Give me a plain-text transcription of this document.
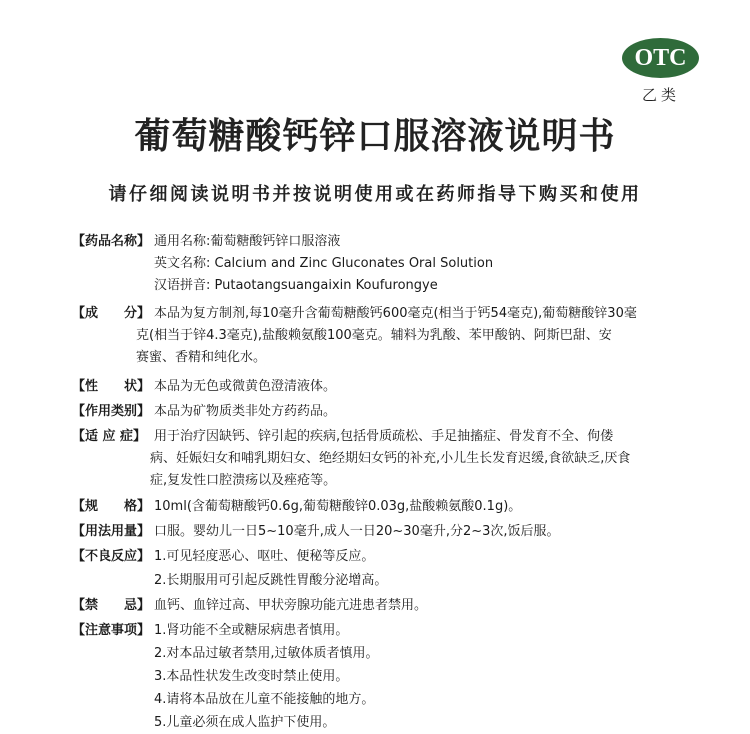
OTC
乙类
葡萄糖酸钙锌口服溶液说明书
请仔细阅读说明书并按说明使用或在药师指导下购买和使用
【药品名称】 通用名称:葡萄糖酸钙锌口服溶液
英文名称: Calcium and Zinc Gluconates Oral Solution
汉语拼音: Putaotangsuangaixin Koufurongye
【成　　分】 本品为复方制剂,每10毫升含葡萄糖酸钙600毫克(相当于钙54毫克),葡萄糖酸锌30毫
克(相当于锌4.3毫克),盐酸赖氨酸100毫克。辅料为乳酸、苯甲酸钠、阿斯巴甜、安
赛蜜、香精和纯化水。
【性　　状】 本品为无色或微黄色澄清液体。
【作用类别】 本品为矿物质类非处方药药品。
【适 应 症】 用于治疗因缺钙、锌引起的疾病,包括骨质疏松、手足抽搐症、骨发育不全、佝偻
病、妊娠妇女和哺乳期妇女、绝经期妇女钙的补充,小儿生长发育迟缓,食欲缺乏,厌食
症,复发性口腔溃疡以及痤疮等。
【规　　格】 10ml(含葡萄糖酸钙0.6g,葡萄糖酸锌0.03g,盐酸赖氨酸0.1g)。
【用法用量】 口服。婴幼儿一日5~10毫升,成人一日20~30毫升,分2~3次,饭后服。
【不良反应】 1.可见轻度恶心、呕吐、便秘等反应。
2.长期服用可引起反跳性胃酸分泌增高。
【禁　　忌】 血钙、血锌过高、甲状旁腺功能亢进患者禁用。
【注意事项】 1.肾功能不全或糖尿病患者慎用。
2.对本品过敏者禁用,过敏体质者慎用。
3.本品性状发生改变时禁止使用。
4.请将本品放在儿童不能接触的地方。
5.儿童必须在成人监护下使用。
